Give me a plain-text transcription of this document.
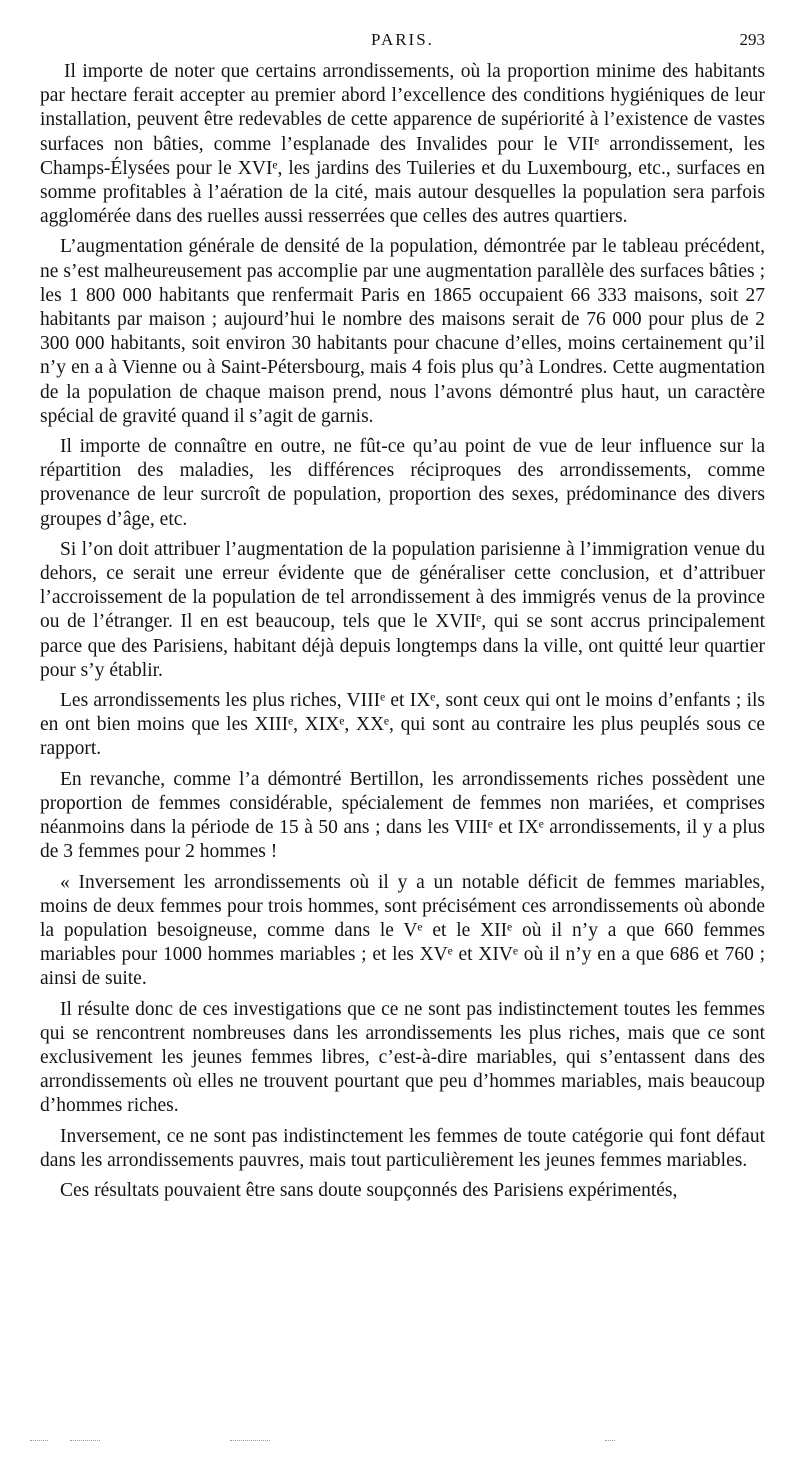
PARIS.	293

Il importe de noter que certains arrondissements, où la proportion minime des habitants par hectare ferait accepter au premier abord l’excellence des conditions hygiéniques de leur installation, peuvent être redevables de cette apparence de supériorité à l’existence de vastes surfaces non bâties, comme l’esplanade des Invalides pour le VIIᵉ arrondissement, les Champs-Élysées pour le XVIᵉ, les jardins des Tuileries et du Luxembourg, etc., surfaces en somme profitables à l’aération de la cité, mais autour desquelles la population sera parfois agglomérée dans des ruelles aussi resserrées que celles des autres quartiers.

L’augmentation générale de densité de la population, démontrée par le tableau précédent, ne s’est malheureusement pas accomplie par une augmentation parallèle des surfaces bâties ; les 1 800 000 habitants que renfermait Paris en 1865 occupaient 66 333 maisons, soit 27 habitants par maison ; aujourd’hui le nombre des maisons serait de 76 000 pour plus de 2 300 000 habitants, soit environ 30 habitants pour chacune d’elles, moins certainement qu’il n’y en a à Vienne ou à Saint-Pétersbourg, mais 4 fois plus qu’à Londres. Cette augmentation de la population de chaque maison prend, nous l’avons démontré plus haut, un caractère spécial de gravité quand il s’agit de garnis.

Il importe de connaître en outre, ne fût-ce qu’au point de vue de leur influence sur la répartition des maladies, les différences réciproques des arrondissements, comme provenance de leur surcroît de population, proportion des sexes, prédominance des divers groupes d’âge, etc.

Si l’on doit attribuer l’augmentation de la population parisienne à l’immigration venue du dehors, ce serait une erreur évidente que de généraliser cette conclusion, et d’attribuer l’accroissement de la population de tel arrondissement à des immigrés venus de la province ou de l’étranger. Il en est beaucoup, tels que le XVIIᵉ, qui se sont accrus principalement parce que des Parisiens, habitant déjà depuis longtemps dans la ville, ont quitté leur quartier pour s’y établir.

Les arrondissements les plus riches, VIIIᵉ et IXᵉ, sont ceux qui ont le moins d’enfants ; ils en ont bien moins que les XIIIᵉ, XIXᵉ, XXᵉ, qui sont au contraire les plus peuplés sous ce rapport.

En revanche, comme l’a démontré Bertillon, les arrondissements riches possèdent une proportion de femmes considérable, spécialement de femmes non mariées, et comprises néanmoins dans la période de 15 à 50 ans ; dans les VIIIᵉ et IXᵉ arrondissements, il y a plus de 3 femmes pour 2 hommes !

« Inversement les arrondissements où il y a un notable déficit de femmes mariables, moins de deux femmes pour trois hommes, sont précisément ces arrondissements où abonde la population besoigneuse, comme dans le Vᵉ et le XIIᵉ où il n’y a que 660 femmes mariables pour 1000 hommes mariables ; et les XVᵉ et XIVᵉ où il n’y en a que 686 et 760 ; ainsi de suite.

Il résulte donc de ces investigations que ce ne sont pas indistinctement toutes les femmes qui se rencontrent nombreuses dans les arrondissements les plus riches, mais que ce sont exclusivement les jeunes femmes libres, c’est-à-dire mariables, qui s’entassent dans des arrondissements où elles ne trouvent pourtant que peu d’hommes mariables, mais beaucoup d’hommes riches.

Inversement, ce ne sont pas indistinctement les femmes de toute catégorie qui font défaut dans les arrondissements pauvres, mais tout particulièrement les jeunes femmes mariables.

Ces résultats pouvaient être sans doute soupçonnés des Parisiens expérimentés,
